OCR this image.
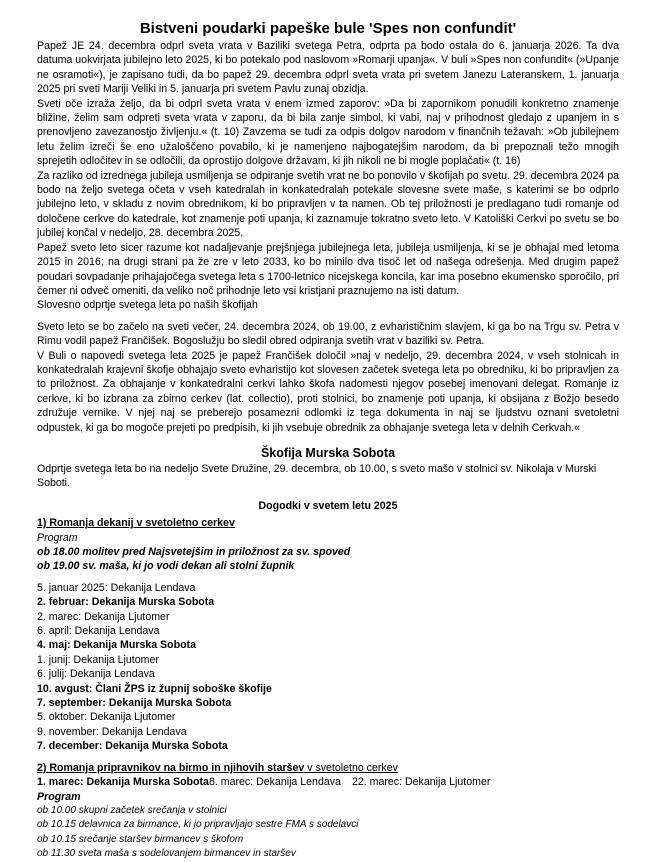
Bistveni poudarki papeške bule 'Spes non confundit'

Papež JE 24. decembra odprl sveta vrata v Baziliki svetega Petra, odprta pa bodo ostala do 6. januarja 2026. Ta dva datuma uokvirjata jubilejno leto 2025, ki bo potekalo pod naslovom »Romarji upanja«. V buli »Spes non confundit« (»Upanje ne osramoti«), je zapisano tudi, da bo papež 29. decembra odprl sveta vrata pri svetem Janezu Lateranskem, 1. januarja 2025 pri sveti Mariji Veliki in 5. januarja pri svetem Pavlu zunaj obzidja.

Sveti oče izraža željo, da bi odprl sveta vrata v enem izmed zaporov: »Da bi zapornikom ponudili konkretno znamenje bližine, želim sam odpreti sveta vrata v zaporu, da bi bila zanje simbol, ki vabi, naj v prihodnost gledajo z upanjem in s prenovljeno zavezanostjo življenju.« (t. 10) Zavzema se tudi za odpis dolgov narodom v finančnih težavah: »Ob jubilejnem letu želim izreči še eno užaloščeno povabilo, ki je namenjeno najbogatejšim narodom, da bi prepoznali težo mnogih sprejetih odločitev in se odločili, da oprostijo dolgove državam, ki jih nikoli ne bi mogle poplačati« (t. 16)

Za razliko od izrednega jubileja usmiljenja se odpiranje svetih vrat ne bo ponovilo v škofijah po svetu. 29. decembra 2024 pa bodo na željo svetega očeta v vseh katedralah in konkatedralah potekale slovesne svete maše, s katerimi se bo odprlo jubilejno leto, v skladu z novim obrednikom, ki bo pripravljen v ta namen. Ob tej priložnosti je predlagano tudi romanje od določene cerkve do katedrale, kot znamenje poti upanja, ki zaznamuje tokratno sveto leto. V Katoliški Cerkvi po svetu se bo jubilej končal v nedeljo, 28. decembra 2025.

Papež sveto leto sicer razume kot nadaljevanje prejšnjega jubilejnega leta, jubileja usmiljenja, ki se je obhajal med letoma 2015 in 2016; na drugi strani pa že zre v leto 2033, ko bo minilo dva tisoč let od našega odrešenja. Med drugim papež poudari sovpadanje prihajajočega svetega leta s 1700-letnico nicejskega koncila, kar ima posebno ekumensko sporočilo, pri čemer ni odveč omeniti, da veliko noč prihodnje leto vsi kristjani praznujemo na isti datum.

Slovesno odprtje svetega leta po naših škofijah

Sveto leto se bo začelo na sveti večer, 24. decembra 2024, ob 19.00, z evharističnim slavjem, ki ga bo na Trgu sv. Petra v Rimu vodil papež Frančišek. Bogoslužju bo sledil obred odpiranja svetih vrat v baziliki sv. Petra.

V Buli o napovedi svetega leta 2025 je papež Frančišek določil »naj v nedeljo, 29. decembra 2024, v vseh stolnicah in konkatedralah krajevni škofje obhajajo sveto evharistijo kot slovesen začetek svetega leta po obredniku, ki bo pripravljen za to priložnost. Za obhajanje v konkatedralni cerkvi lahko škofa nadomesti njegov posebej imenovani delegat. Romanje iz cerkve, ki bo izbrana za zbirno cerkev (lat. collectio), proti stolnici, bo znamenje poti upanja, ki obsijana z Božjo besedo združuje vernike. V njej naj se preberejo posamezni odlomki iz tega dokumenta in naj se ljudstvu oznani svetoletni odpustek, ki ga bo mogoče prejeti po predpisih, ki jih vsebuje obrednik za obhajanje svetega leta v delnih Cerkvah.«

Škofija Murska Sobota

Odprtje svetega leta bo na nedeljo Svete Družine, 29. decembra, ob 10.00, s sveto mašo v stolnici sv. Nikolaja v Murski Soboti.

Dogodki v svetem letu 2025

1) Romanja dekanij v svetoletno cerkev

Program

ob 18.00 molitev pred Najsvetejšim in priložnost za sv. spoved

ob 19.00 sv. maša, ki jo vodi dekan ali stolni župnik

5. januar 2025: Dekanija Lendava

2. februar: Dekanija Murska Sobota

2. marec: Dekanija Ljutomer

6. april: Dekanija Lendava

4. maj: Dekanija Murska Sobota

1. junij: Dekanija Ljutomer

6. julij: Dekanija Lendava

10. avgust: Člani ŽPS iz župnij soboške škofije

7. september: Dekanija Murska Sobota

5. oktober: Dekanija Ljutomer

9. november: Dekanija Lendava

7. december: Dekanija Murska Sobota

2) Romanja pripravnikov na birmo in njihovih staršev v svetoletno cerkev

1. marec: Dekanija Murska Sobota 8. marec: Dekanija Lendava	22. marec: Dekanija Ljutomer

Program

ob 10.00 skupni začetek srečanja v stolnici

ob 10.15 delavnica za birmance, ki jo pripravljajo sestre FMA s sodelavci

ob 10.15 srečanje staršev birmancev s škofom

ob 11.30 sveta maša s sodelovanjem birmancev in staršev
